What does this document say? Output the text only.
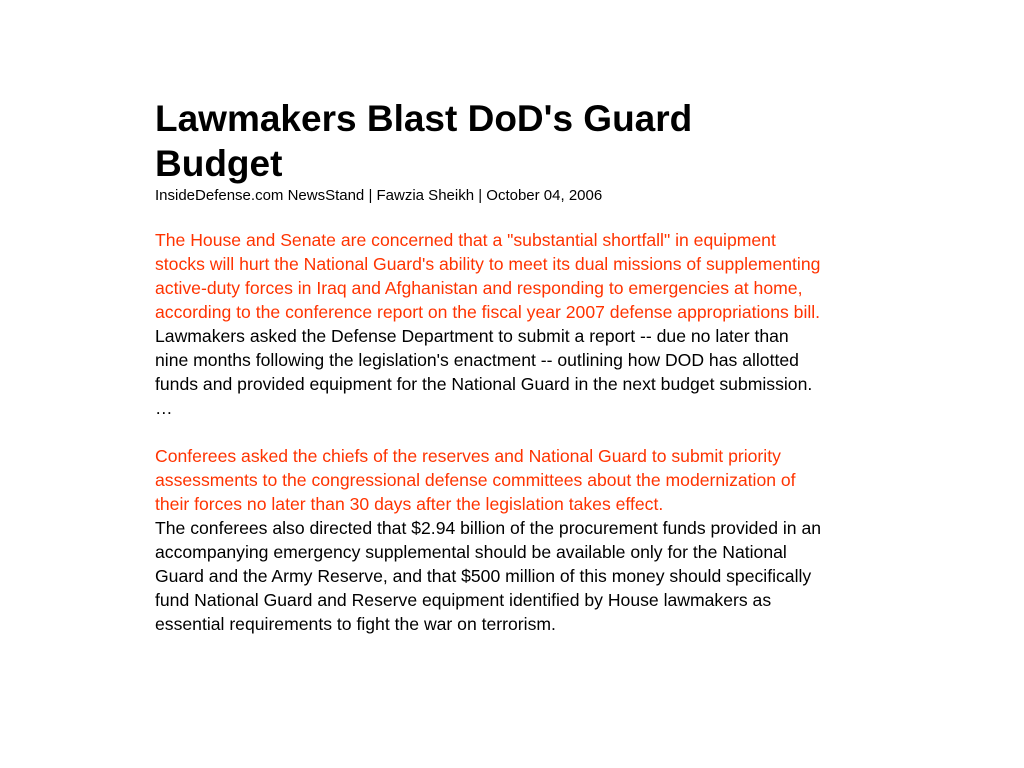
Lawmakers Blast DoD's Guard Budget

InsideDefense.com NewsStand | Fawzia Sheikh | October 04, 2006

The House and Senate are concerned that a "substantial shortfall" in equipment stocks will hurt the National Guard's ability to meet its dual missions of supplementing active-duty forces in Iraq and Afghanistan and responding to emergencies at home, according to the conference report on the fiscal year 2007 defense appropriations bill.

Lawmakers asked the Defense Department to submit a report -- due no later than nine months following the legislation's enactment -- outlining how DOD has allotted funds and provided equipment for the National Guard in the next budget submission. …

Conferees asked the chiefs of the reserves and National Guard to submit priority assessments to the congressional defense committees about the modernization of their forces no later than 30 days after the legislation takes effect.

The conferees also directed that $2.94 billion of the procurement funds provided in an accompanying emergency supplemental should be available only for the National Guard and the Army Reserve, and that $500 million of this money should specifically fund National Guard and Reserve equipment identified by House lawmakers as essential requirements to fight the war on terrorism.
